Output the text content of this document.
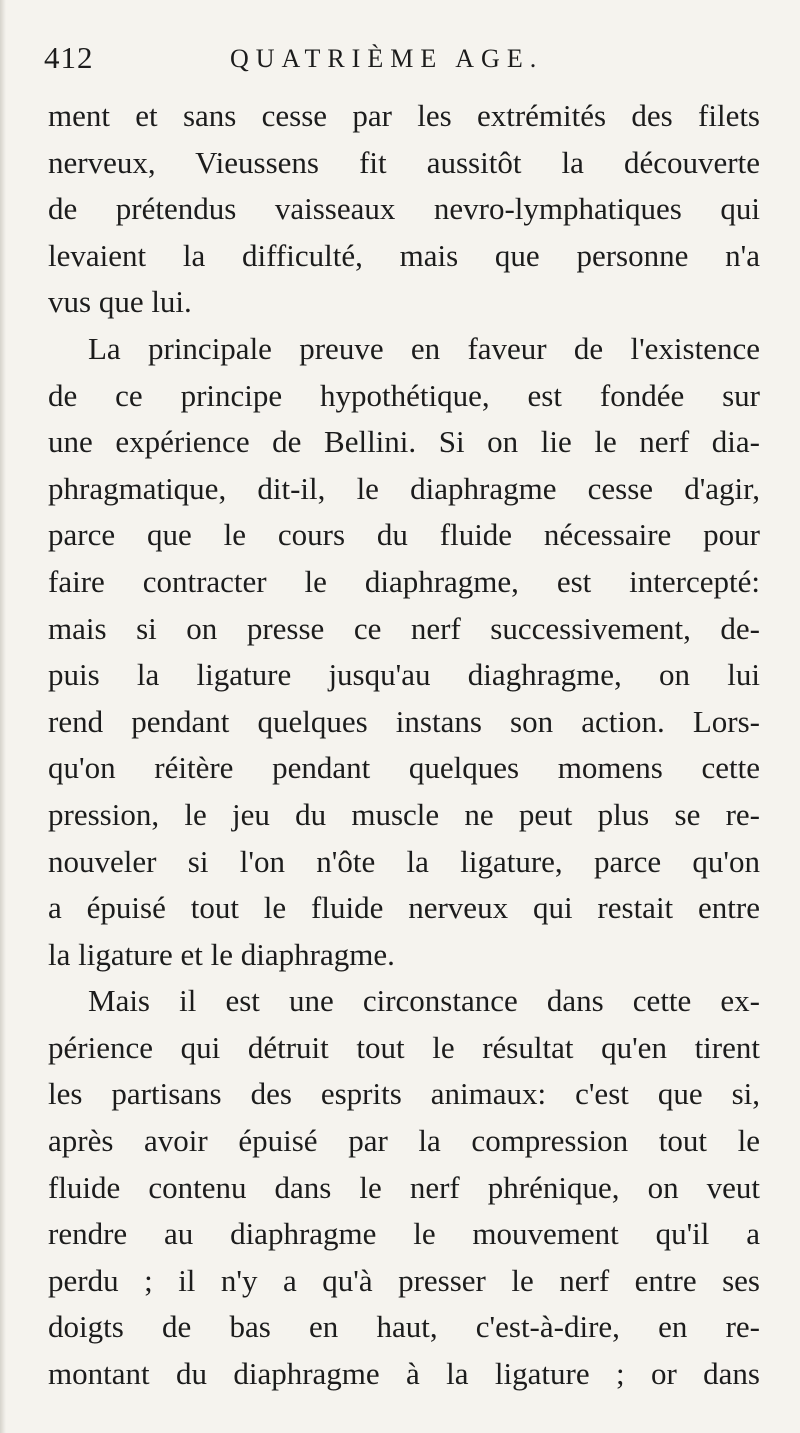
412	QUATRIÈME AGE.
ment et sans cesse par les extrémités des filets
nerveux, Vieussens fit aussitôt la découverte
de prétendus vaisseaux nevro-lymphatiques qui
levaient la difficulté, mais que personne n'a
vus que lui.
La principale preuve en faveur de l'existence
de ce principe hypothétique, est fondée sur
une expérience de Bellini. Si on lie le nerf dia-
phragmatique, dit-il, le diaphragme cesse d'agir,
parce que le cours du fluide nécessaire pour
faire contracter le diaphragme, est intercepté:
mais si on presse ce nerf successivement, de-
puis la ligature jusqu'au diaghragme, on lui
rend pendant quelques instans son action. Lors-
qu'on réitère pendant quelques momens cette
pression, le jeu du muscle ne peut plus se re-
nouveler si l'on n'ôte la ligature, parce qu'on
a épuisé tout le fluide nerveux qui restait entre
la ligature et le diaphragme.
Mais il est une circonstance dans cette ex-
périence qui détruit tout le résultat qu'en tirent
les partisans des esprits animaux: c'est que si,
après avoir épuisé par la compression tout le
fluide contenu dans le nerf phrénique, on veut
rendre au diaphragme le mouvement qu'il a
perdu ; il n'y a qu'à presser le nerf entre ses
doigts de bas en haut, c'est-à-dire, en re-
montant du diaphragme à la ligature ; or dans
